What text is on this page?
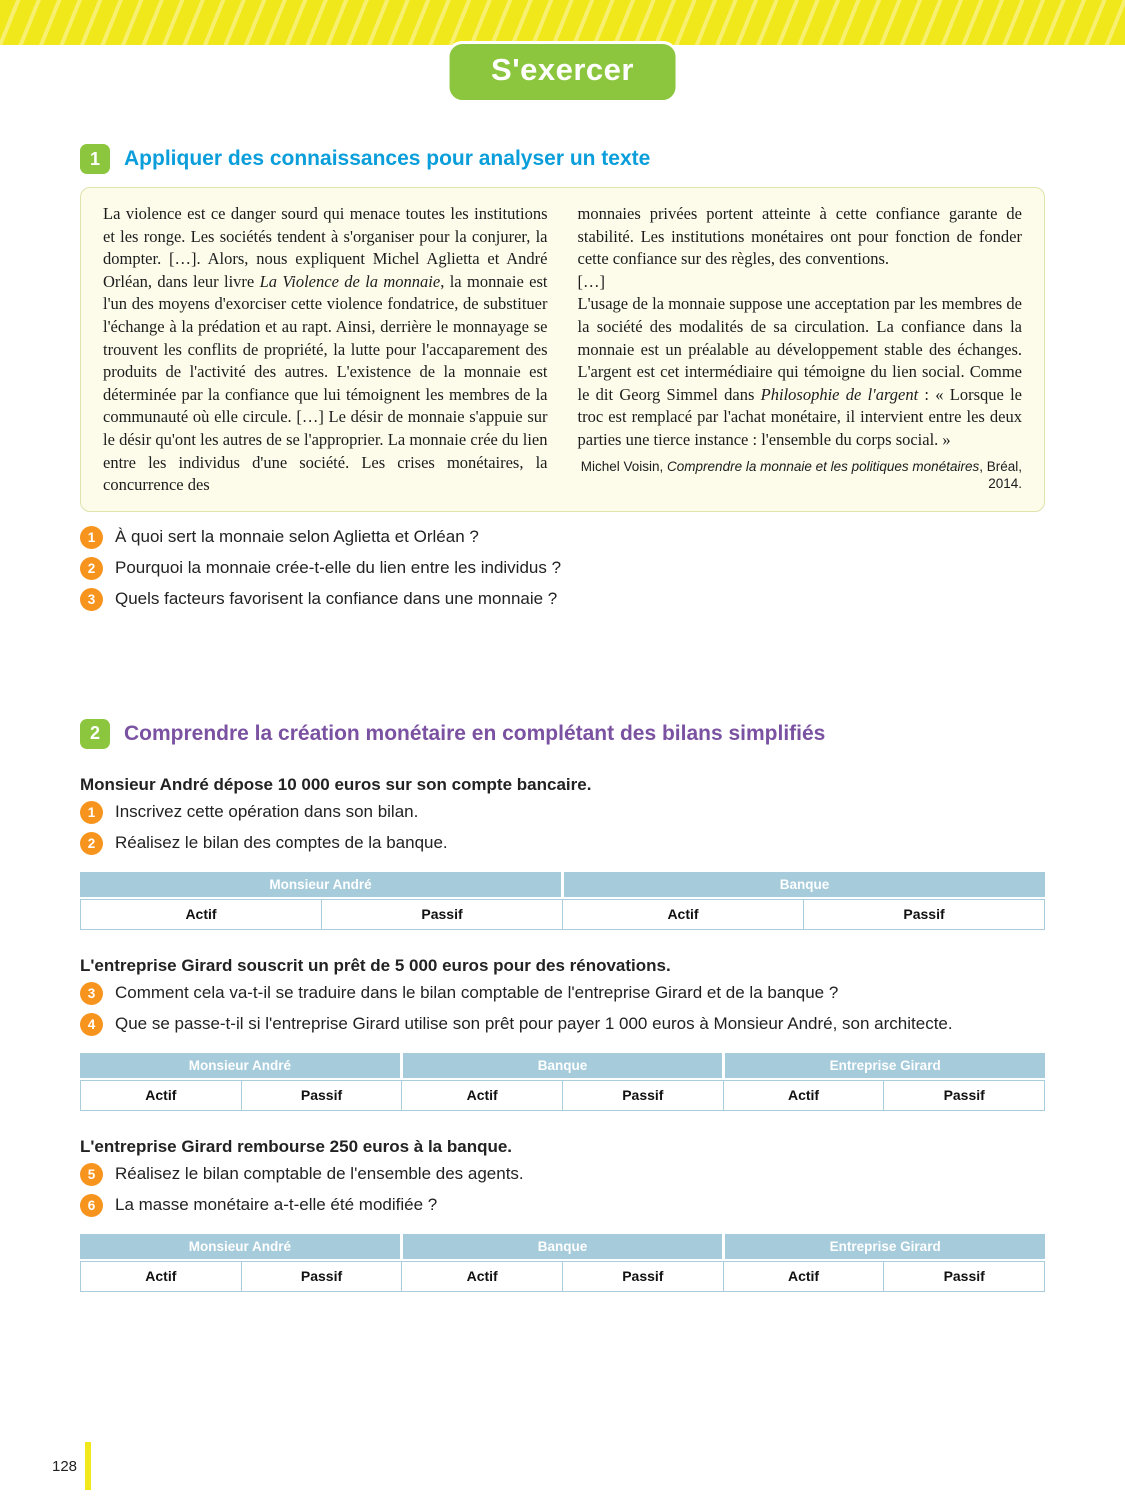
S'exercer
1	Appliquer des connaissances pour analyser un texte

La violence est ce danger sourd qui menace toutes les institutions et les ronge. Les sociétés tendent à s'organiser pour la conjurer, la dompter. […]. Alors, nous expliquent Michel Aglietta et André Orléan, dans leur livre La Violence de la monnaie, la monnaie est l'un des moyens d'exorciser cette violence fondatrice, de substituer l'échange à la prédation et au rapt. Ainsi, derrière le monnayage se trouvent les conflits de propriété, la lutte pour l'accaparement des produits de l'activité des autres. L'existence de la monnaie est déterminée par la confiance que lui témoignent les membres de la communauté où elle circule. […] Le désir de monnaie s'appuie sur le désir qu'ont les autres de se l'approprier. La monnaie crée du lien entre les individus d'une société. Les crises monétaires, la concurrence des

monnaies privées portent atteinte à cette confiance garante de stabilité. Les institutions monétaires ont pour fonction de fonder cette confiance sur des règles, des conventions.

[…]

L'usage de la monnaie suppose une acceptation par les membres de la société des modalités de sa circulation. La confiance dans la monnaie est un préalable au développement stable des échanges. L'argent est cet intermédiaire qui témoigne du lien social. Comme le dit Georg Simmel dans Philosophie de l'argent : « Lorsque le troc est remplacé par l'achat monétaire, il intervient entre les deux parties une tierce instance : l'ensemble du corps social. »

Michel Voisin, Comprendre la monnaie et les politiques monétaires, Bréal, 2014.

1	À quoi sert la monnaie selon Aglietta et Orléan ?
2	Pourquoi la monnaie crée-t-elle du lien entre les individus ?
3	Quels facteurs favorisent la confiance dans une monnaie ?
2	Comprendre la création monétaire en complétant des bilans simplifiés

Monsieur André dépose 10 000 euros sur son compte bancaire.

1	Inscrivez cette opération dans son bilan.
2	Réalisez le bilan des comptes de la banque.
Monsieur André	Banque
Actif	Passif	Actif	Passif

L'entreprise Girard souscrit un prêt de 5 000 euros pour des rénovations.

3	Comment cela va-t-il se traduire dans le bilan comptable de l'entreprise Girard et de la banque ?
4	Que se passe-t-il si l'entreprise Girard utilise son prêt pour payer 1 000 euros à Monsieur André, son architecte.
Monsieur André	Banque	Entreprise Girard
Actif	Passif	Actif	Passif	Actif	Passif

L'entreprise Girard rembourse 250 euros à la banque.

5	Réalisez le bilan comptable de l'ensemble des agents.
6	La masse monétaire a-t-elle été modifiée ?
Monsieur André	Banque	Entreprise Girard
Actif	Passif	Actif	Passif	Actif	Passif
128
